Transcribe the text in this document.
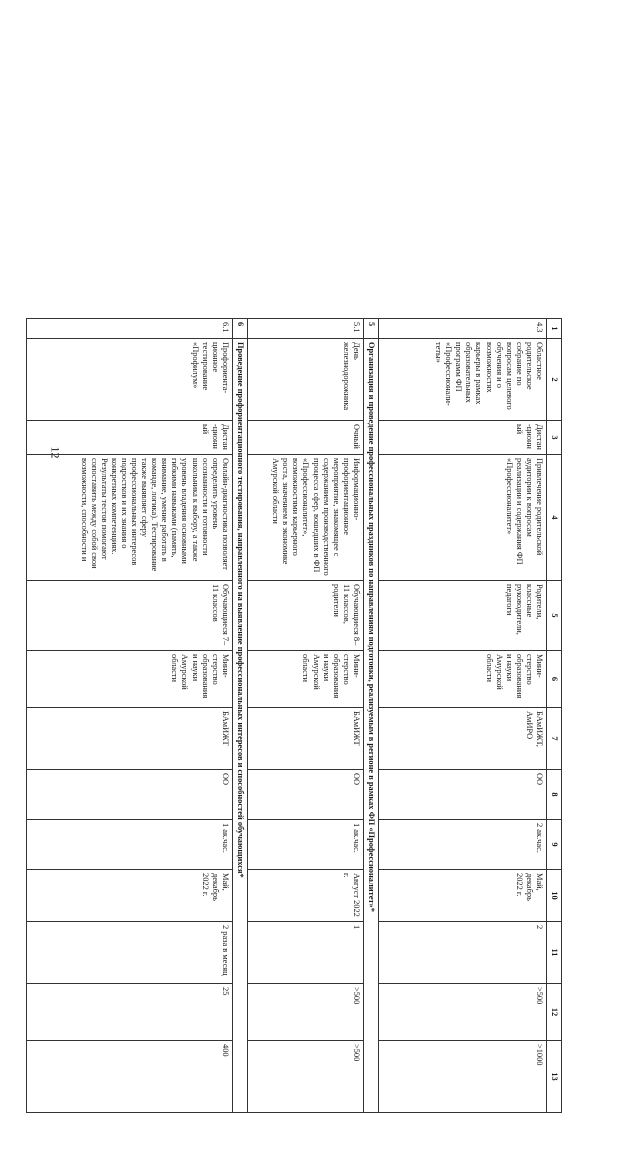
12
1	2	3	4	5	6	7	8	9	10	11	12	13
4.3	Областное родительское собрание по вопросам целевого обучения и о возможностях карьеры в рамках образовательных программ ФП «Профессионали-теты»	Дистан-ционный	Привлечение родительской аудитории к вопросам реализации и содержания ФП «Профессионалитет»	Родители, классные руководители, педагоги	Мини-стерство образования и науки Амурской области	БАмИЖТ, АмИРО	ОО	2 ак.час.	Май, декабрь 2022 г.	2	>500	>1000
5	Организация и проведение профессиональных праздников по направлениям подготовки, реализуемым в регионе в рамках ФП «Профессионалитет»*											
5.1	День железнодорожника	Очный	Информационно-профориентационное мероприятие, знакомящее с содержанием производственного процесса сфер, вошедших в ФП «Профессионалитет», возможностями карьерного роста, значением в экономике Амурской области	Обучающиеся 8–11 классов, родители	Мини-стерство образования и науки Амурской области	БАмИЖТ	ОО	1 ак.час.	Август 2022 г.	1	>500	>500
6	Проведение профориентационного тестирования, направленного на выявление профессиональных интересов и способностей обучающихся*											
6.1	Профориента-ционное тестирование «Профилум»	Дистан-ционный	Онлайн-диагностика позволяет определить уровень осознанности и готовности школьника к выбору, а также уровень владения основными гибкими навыками (память, внимание, умение работать в команде, логика). Тестирование также выявляет сферу профессиональных интересов подростков и их знания о конкретных компетенциях. Результаты тестов помогают сопоставить между собой свои возможности, способности и	Обучающиеся 7–11 классов	Мини-стерство образования и науки Амурской области	БАмИЖТ	ОО	1 ак.час.	Май, декабрь 2022 г.	2 раза в месяц	25	400
